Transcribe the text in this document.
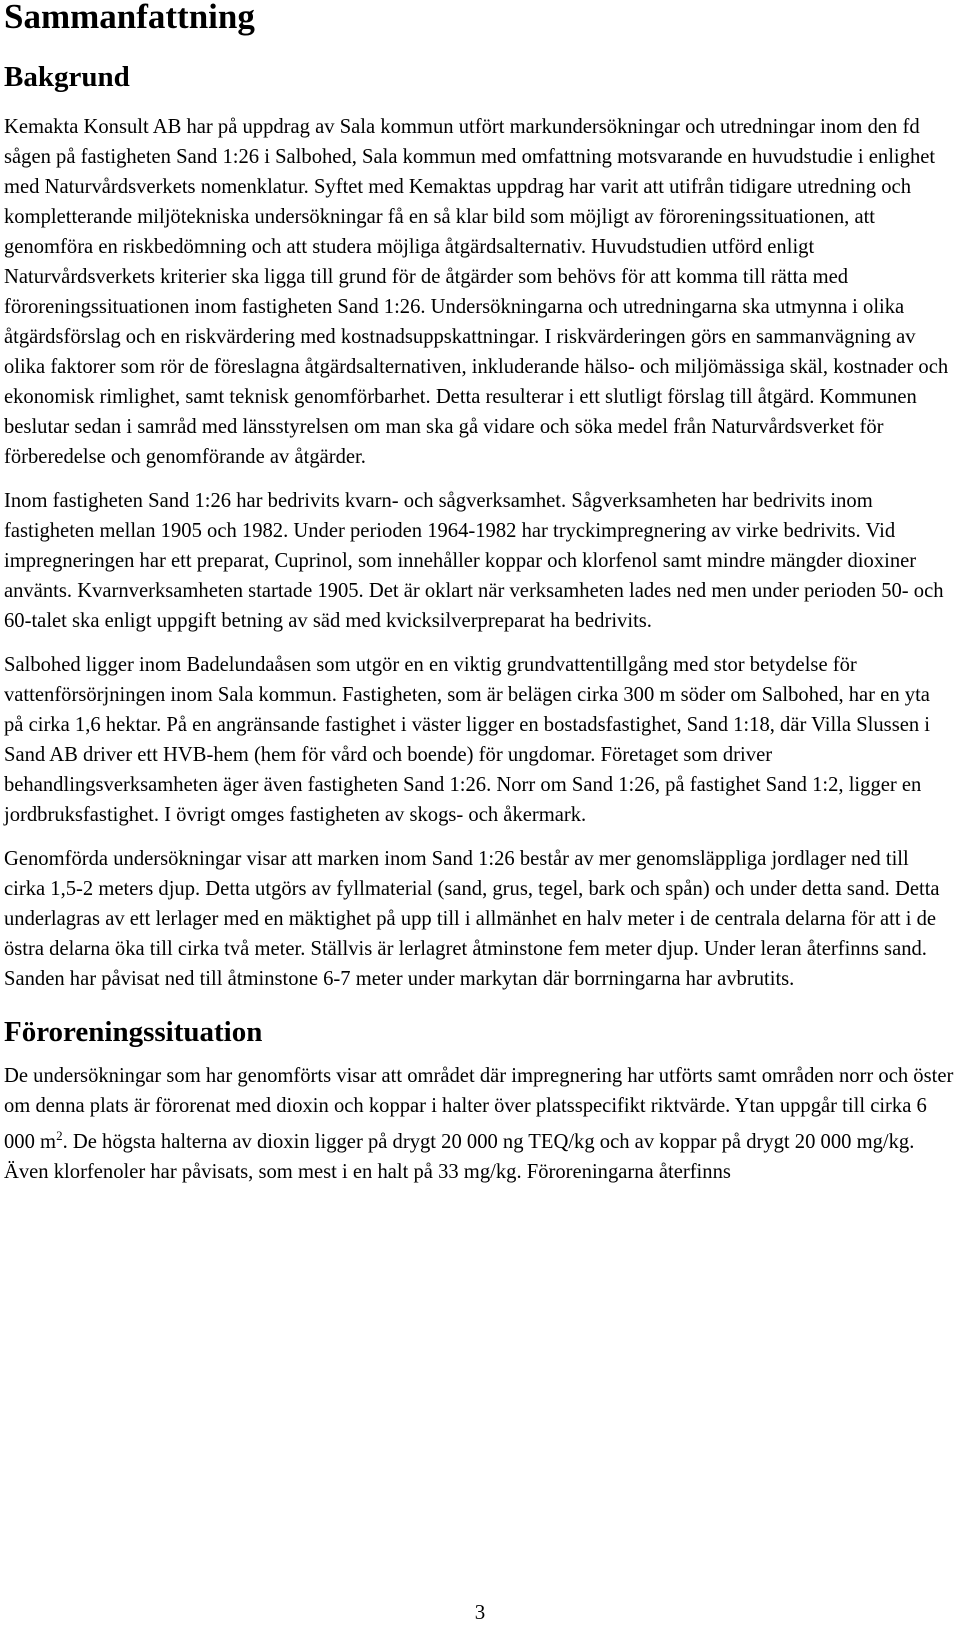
Sammanfattning
Bakgrund

Kemakta Konsult AB har på uppdrag av Sala kommun utfört markundersökningar och utredningar inom den fd sågen på fastigheten Sand 1:26 i Salbohed, Sala kommun med omfattning motsvarande en huvudstudie i enlighet med Naturvårdsverkets nomenklatur. Syftet med Kemaktas uppdrag har varit att utifrån tidigare utredning och kompletterande miljötekniska undersökningar få en så klar bild som möjligt av föroreningssituationen, att genomföra en riskbedömning och att studera möjliga åtgärdsalternativ. Huvudstudien utförd enligt Naturvårdsverkets kriterier ska ligga till grund för de åtgärder som behövs för att komma till rätta med föroreningssituationen inom fastigheten Sand 1:26. Undersökningarna och utredningarna ska utmynna i olika åtgärdsförslag och en riskvärdering med kostnadsuppskattningar. I riskvärderingen görs en sammanvägning av olika faktorer som rör de föreslagna åtgärdsalternativen, inkluderande hälso- och miljömässiga skäl, kostnader och ekonomisk rimlighet, samt teknisk genomförbarhet. Detta resulterar i ett slutligt förslag till åtgärd. Kommunen beslutar sedan i samråd med länsstyrelsen om man ska gå vidare och söka medel från Naturvårdsverket för förberedelse och genomförande av åtgärder.

Inom fastigheten Sand 1:26 har bedrivits kvarn- och sågverksamhet. Sågverksamheten har bedrivits inom fastigheten mellan 1905 och 1982. Under perioden 1964-1982 har tryckimpregnering av virke bedrivits. Vid impregneringen har ett preparat, Cuprinol, som innehåller koppar och klorfenol samt mindre mängder dioxiner använts. Kvarnverksamheten startade 1905. Det är oklart när verksamheten lades ned men under perioden 50- och 60-talet ska enligt uppgift betning av säd med kvicksilverpreparat ha bedrivits.

Salbohed ligger inom Badelundaåsen som utgör en en viktig grundvattentillgång med stor betydelse för vattenförsörjningen inom Sala kommun. Fastigheten, som är belägen cirka 300 m söder om Salbohed, har en yta på cirka 1,6 hektar. På en angränsande fastighet i väster ligger en bostadsfastighet, Sand 1:18, där Villa Slussen i Sand AB driver ett HVB-hem (hem för vård och boende) för ungdomar. Företaget som driver behandlingsverksamheten äger även fastigheten Sand 1:26. Norr om Sand 1:26, på fastighet Sand 1:2, ligger en jordbruksfastighet. I övrigt omges fastigheten av skogs- och åkermark.

Genomförda undersökningar visar att marken inom Sand 1:26 består av mer genomsläppliga jordlager ned till cirka 1,5-2 meters djup. Detta utgörs av fyllmaterial (sand, grus, tegel, bark och spån) och under detta sand. Detta underlagras av ett lerlager med en mäktighet på upp till i allmänhet en halv meter i de centrala delarna för att i de östra delarna öka till cirka två meter. Ställvis är lerlagret åtminstone fem meter djup. Under leran återfinns sand. Sanden har påvisat ned till åtminstone 6-7 meter under markytan där borrningarna har avbrutits.

Föroreningssituation

De undersökningar som har genomförts visar att området där impregnering har utförts samt områden norr och öster om denna plats är förorenat med dioxin och koppar i halter över platsspecifikt riktvärde. Ytan uppgår till cirka 6 000 $m^2$. De högsta halterna av dioxin ligger på drygt 20 000 ng TEQ/kg och av koppar på drygt 20 000 mg/kg. Även klorfenoler har påvisats, som mest i en halt på 33 mg/kg. Föroreningarna återfinns

3
